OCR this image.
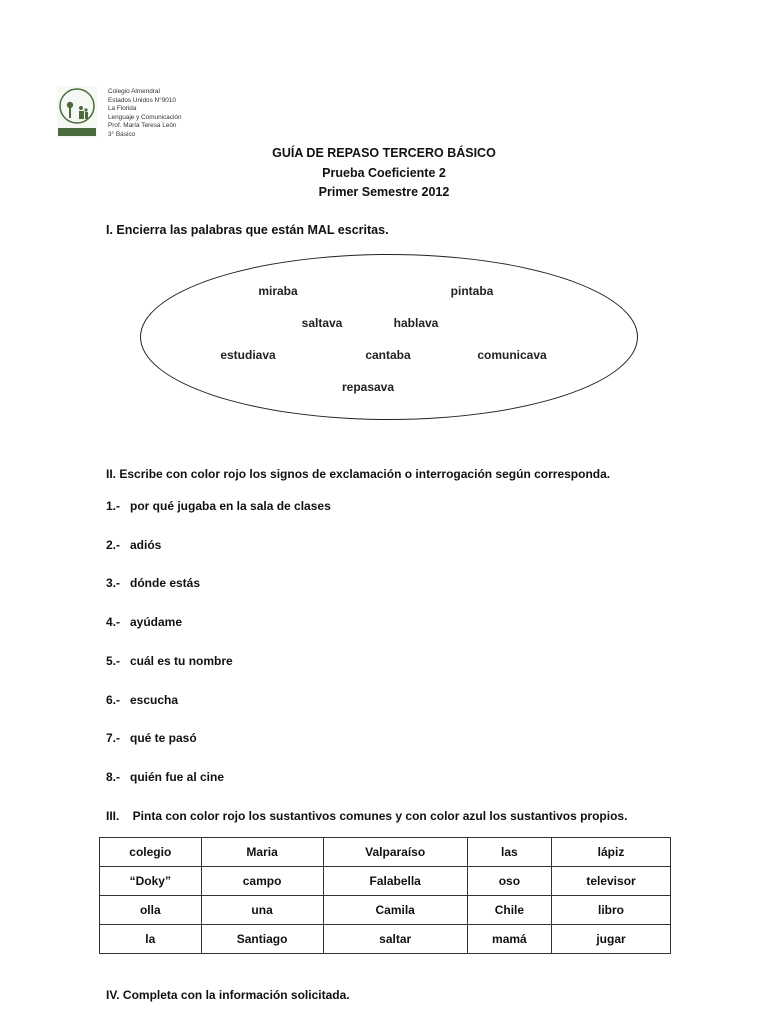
Colegio Almendral
Estados Unidos N°9010
La Florida
Lenguaje y Comunicación
Prof. María Teresa León
3° Básico
GUÍA DE REPASO TERCERO BÁSICO
Prueba Coeficiente 2
Primer Semestre 2012
I. Encierra las palabras que están MAL escritas.
miraba	pintaba
saltava	hablava
estudiava	cantaba	comunicava
repasava
II. Escribe con color rojo los signos de exclamación o interrogación según corresponda.
1.- por qué jugaba en la sala de clases
2.- adiós
3.- dónde estás
4.- ayúdame
5.- cuál es tu nombre
6.- escucha
7.- qué te pasó
8.- quién fue al cine
III.    Pinta con color rojo los sustantivos comunes y con color azul los sustantivos propios.
colegio	Maria	Valparaíso	las	lápiz
“Doky”	campo	Falabella	oso	televisor
olla	una	Camila	Chile	libro
la	Santiago	saltar	mamá	jugar
IV. Completa con la información solicitada.
